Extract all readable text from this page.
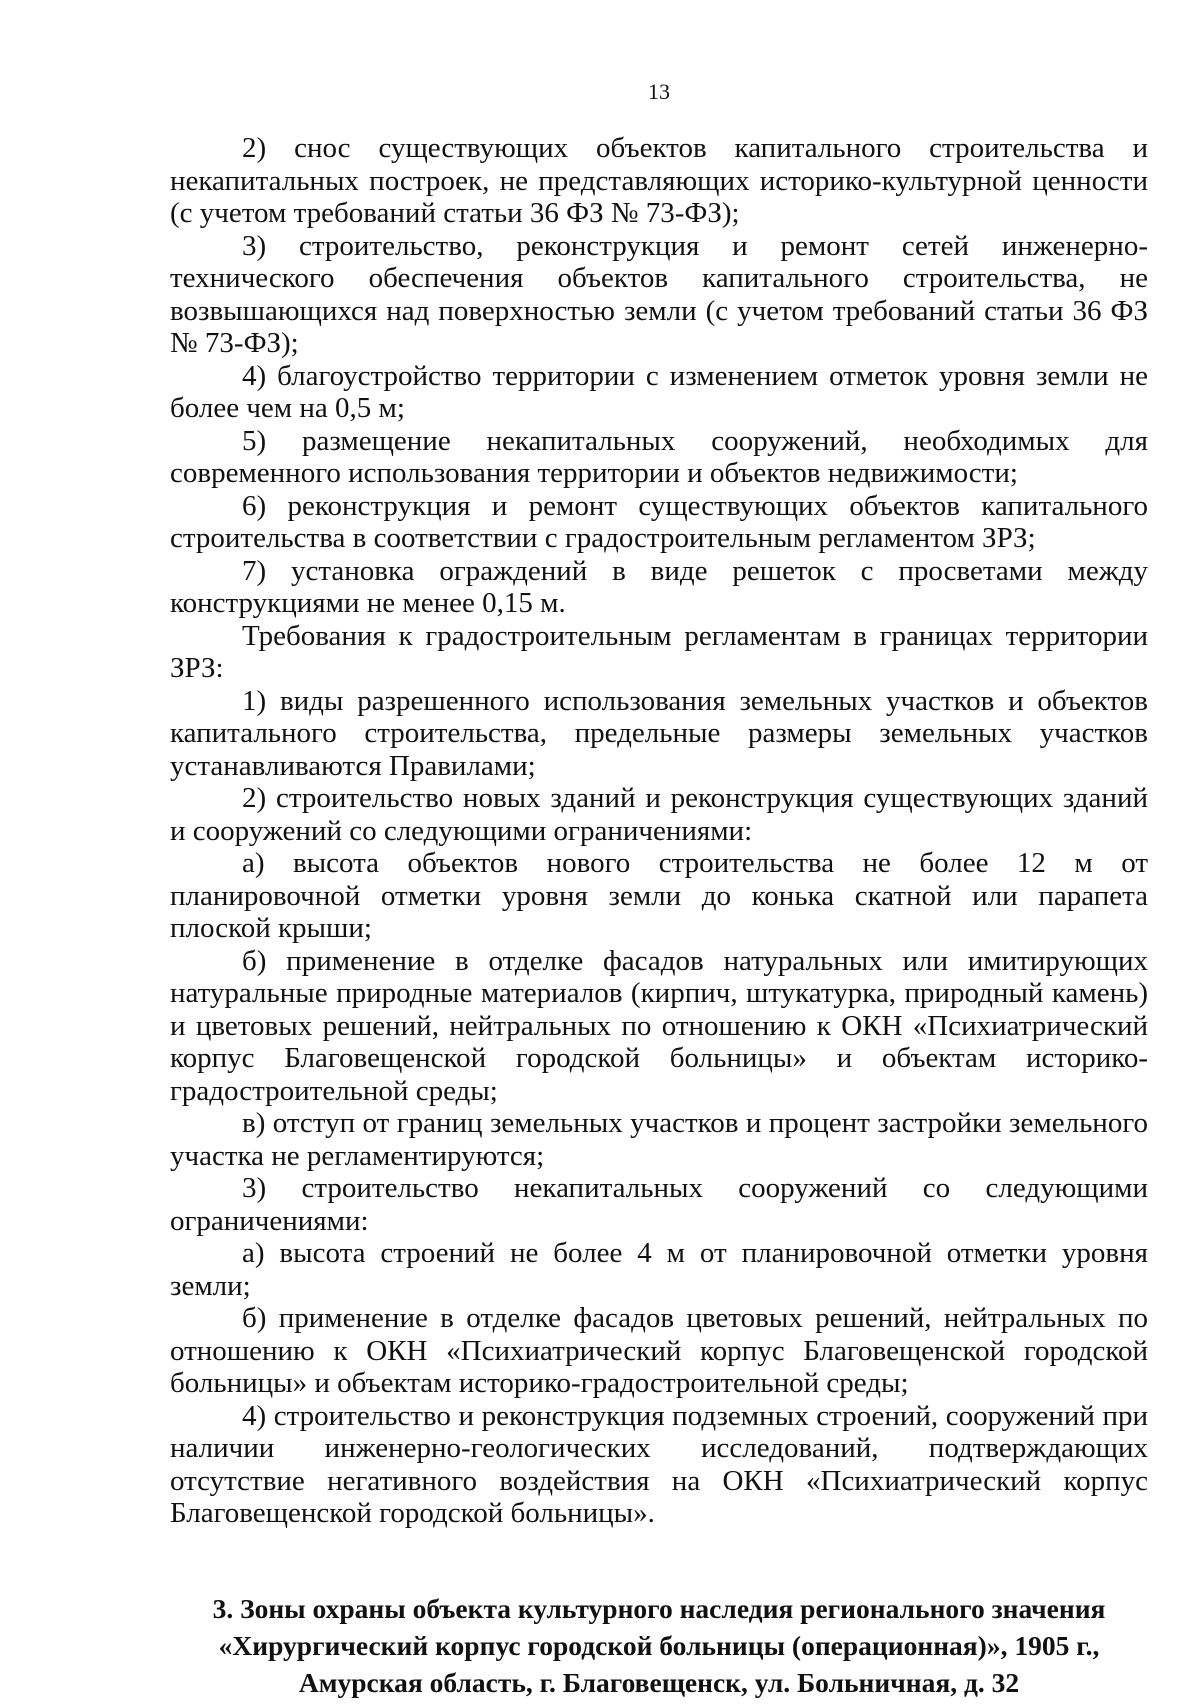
13

2) снос существующих объектов капитального строительства и некапитальных построек, не представляющих историко-культурной ценности (с учетом требований статьи 36 ФЗ № 73-ФЗ);

3) строительство, реконструкция и ремонт сетей инженерно-технического обеспечения объектов капитального строительства, не возвышающихся над поверхностью земли (с учетом требований статьи 36 ФЗ № 73-ФЗ);

4) благоустройство территории с изменением отметок уровня земли не более чем на 0,5 м;

5) размещение некапитальных сооружений, необходимых для современного использования территории и объектов недвижимости;

6) реконструкция и ремонт существующих объектов капитального строительства в соответствии с градостроительным регламентом ЗРЗ;

7) установка ограждений в виде решеток с просветами между конструкциями не менее 0,15 м.

Требования к градостроительным регламентам в границах территории ЗРЗ:

1) виды разрешенного использования земельных участков и объектов капитального строительства, предельные размеры земельных участков устанавливаются Правилами;

2) строительство новых зданий и реконструкция существующих зданий и сооружений со следующими ограничениями:

а) высота объектов нового строительства не более 12 м от планировочной отметки уровня земли до конька скатной или парапета плоской крыши;

б) применение в отделке фасадов натуральных или имитирующих натуральные природные материалов (кирпич, штукатурка, природный камень) и цветовых решений, нейтральных по отношению к ОКН «Психиатрический корпус Благовещенской городской больницы» и объектам историко-градостроительной среды;

в) отступ от границ земельных участков и процент застройки земельного участка не регламентируются;

3) строительство некапитальных сооружений со следующими ограничениями:

а) высота строений не более 4 м от планировочной отметки уровня земли;

б) применение в отделке фасадов цветовых решений, нейтральных по отношению к ОКН «Психиатрический корпус Благовещенской городской больницы» и объектам историко-градостроительной среды;

4) строительство и реконструкция подземных строений, сооружений при наличии инженерно-геологических исследований, подтверждающих отсутствие негативного воздействия на ОКН «Психиатрический корпус Благовещенской городской больницы».

3. Зоны охраны объекта культурного наследия регионального значения
«Хирургический корпус городской больницы (операционная)», 1905 г.,
Амурская область, г. Благовещенск, ул. Больничная, д. 32
